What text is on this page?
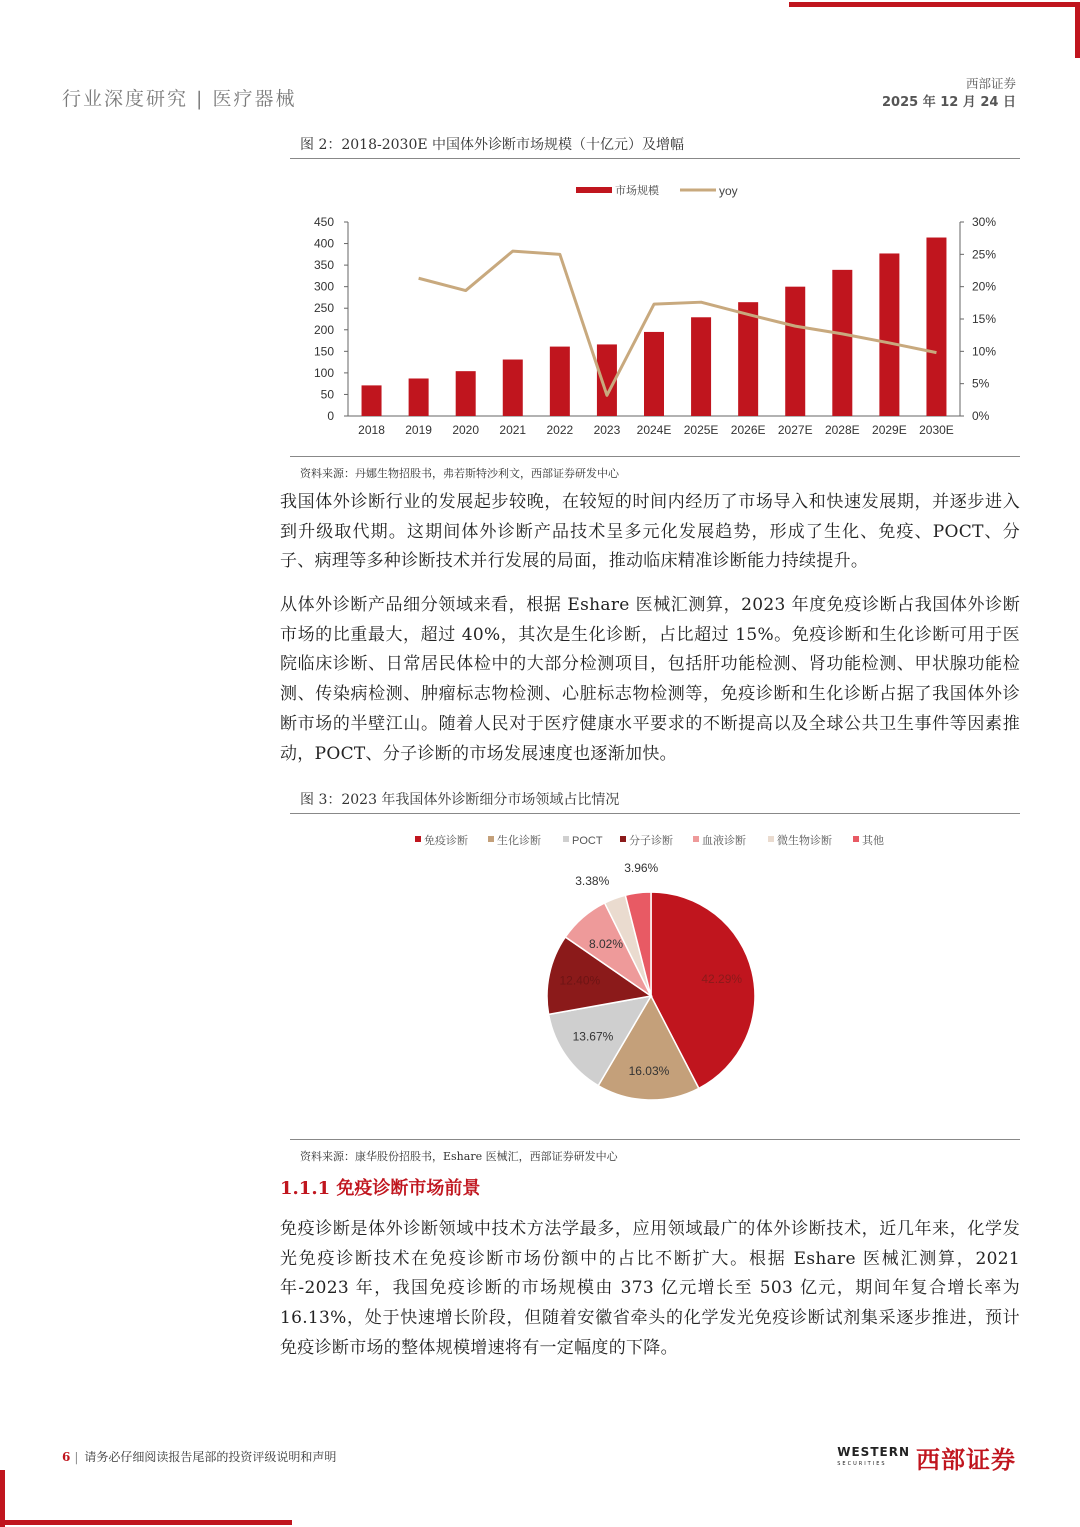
行业深度研究 | 医疗器械
西部证券
2025 年 12 月 24 日
图 2：2018-2030E 中国体外诊断市场规模（十亿元）及增幅
0
50
100
150
200
250
300
350
400
450
0%
5%
10%
15%
20%
25%
30%
2018 2019 2020 2021 2022 2023 2024E 2025E 2026E 2027E 2028E 2029E 2030E
市场规模	yoy
资料来源：丹娜生物招股书，弗若斯特沙利文，西部证券研发中心
我国体外诊断行业的发展起步较晚，在较短的时间内经历了市场导入和快速发展期，并逐步进入到升级取代期。这期间体外诊断产品技术呈多元化发展趋势，形成了生化、免疫、POCT、分子、病理等多种诊断技术并行发展的局面，推动临床精准诊断能力持续提升。
从体外诊断产品细分领域来看，根据 Eshare 医械汇测算，2023 年度免疫诊断占我国体外诊断市场的比重最大，超过 40%，其次是生化诊断，占比超过 15%。免疫诊断和生化诊断可用于医院临床诊断、日常居民体检中的大部分检测项目，包括肝功能检测、肾功能检测、甲状腺功能检测、传染病检测、肿瘤标志物检测、心脏标志物检测等，免疫诊断和生化诊断占据了我国体外诊断市场的半壁江山。随着人民对于医疗健康水平要求的不断提高以及全球公共卫生事件等因素推动，POCT、分子诊断的市场发展速度也逐渐加快。
图 3：2023 年我国体外诊断细分市场领域占比情况
免疫诊断	生化诊断	POCT 分子诊断	血液诊断	微生物诊断	其他
42.29%
16.03%
13.67%
12.40%
8.02%
3.38%
3.96%
资料来源：康华股份招股书，Eshare 医械汇，西部证券研发中心
1.1.1 免疫诊断市场前景
免疫诊断是体外诊断领域中技术方法学最多，应用领域最广的体外诊断技术，近几年来，化学发光免疫诊断技术在免疫诊断市场份额中的占比不断扩大。根据 Eshare 医械汇测算，2021 年-2023 年，我国免疫诊断的市场规模由 373 亿元增长至 503 亿元，期间年复合增长率为 16.13%，处于快速增长阶段，但随着安徽省牵头的化学发光免疫诊断试剂集采逐步推进，预计免疫诊断市场的整体规模增速将有一定幅度的下降。
6 | 请务必仔细阅读报告尾部的投资评级说明和声明	WESTERN
SECURITIES	西部证券
